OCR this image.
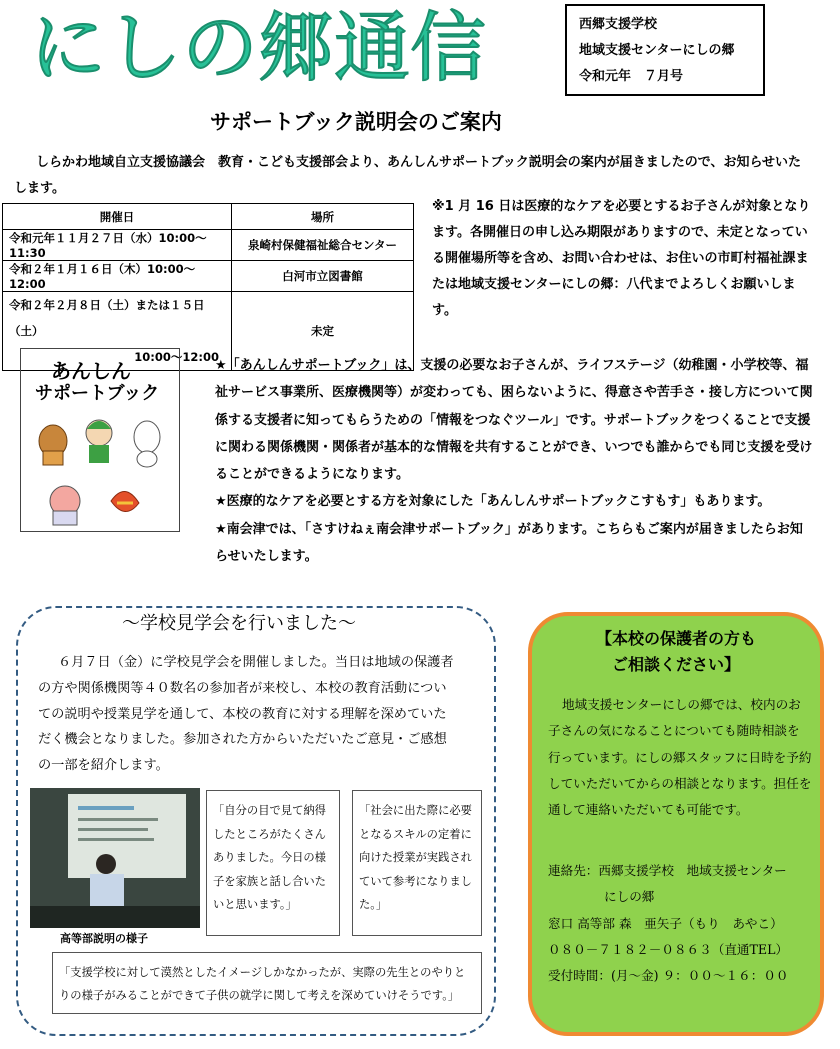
にしの郷通信	西郷支援学校
地域支援センターにしの郷
令和元年　７月号
サポートブック説明会のご案内
しらかわ地域自立支援協議会　教育・こども支援部会より、あんしんサポートブック説明会の案内が届きましたので、お知らせいたします。
開催日	場所
令和元年１１月２７日（水）10:00～11:30	泉崎村保健福祉総合センター
令和２年１月１６日（木）10:00～12:00	白河市立図書館

令和２年２月８日（土）または１５日（土）
10:00～12:00	未定
※1 月 16 日は医療的なケアを必要とするお子さんが対象となります。各開催日の申し込み期限がありますので、未定となっている開催場所等を含め、お問い合わせは、お住いの市町村福祉課または地域支援センターにしの郷：八代までよろしくお願いします。
あんしん
サポートブック
★「あんしんサポートブック」は、支援の必要なお子さんが、ライフステージ（幼稚園・小学校等、福祉サービス事業所、医療機関等）が変わっても、困らないように、得意さや苦手さ・接し方について関係する支援者に知ってもらうための「情報をつなぐツール」です。サポートブックをつくることで支援に関わる関係機関・関係者が基本的な情報を共有することができ、いつでも誰からでも同じ支援を受けることができるようになります。
★医療的なケアを必要とする方を対象にした「あんしんサポートブックこすもす」もあります。
★南会津では、「さすけねぇ南会津サポートブック」があります。こちらもご案内が届きましたらお知らせいたします。
～学校見学会を行いました～
６月７日（金）に学校見学会を開催しました。当日は地域の保護者の方や関係機関等４０数名の参加者が来校し、本校の教育活動についての説明や授業見学を通して、本校の教育に対する理解を深めていただく機会となりました。参加された方からいただいたご意見・ご感想の一部を紹介します。
高等部説明の様子
「自分の目で見て納得したところがたくさんありました。今日の様子を家族と話し合いたいと思います。」
「社会に出た際に必要となるスキルの定着に向けた授業が実践されていて参考になりました。」
「支援学校に対して漠然としたイメージしかなかったが、実際の先生とのやりとりの様子がみることができて子供の就学に関して考えを深めていけそうです。」
【本校の保護者の方も
ご相談ください】
地域支援センターにしの郷では、校内のお子さんの気になることについても随時相談を行っています。にしの郷スタッフに日時を予約していただいてからの相談となります。担任を通して連絡いただいても可能です。
連絡先：西郷支援学校　地域支援センター
にしの郷
窓口 高等部 森　亜矢子（もり　あやこ）
０８０－７１８２－０８６３（直通TEL）
受付時間：(月～金) ９：００～１６：００
